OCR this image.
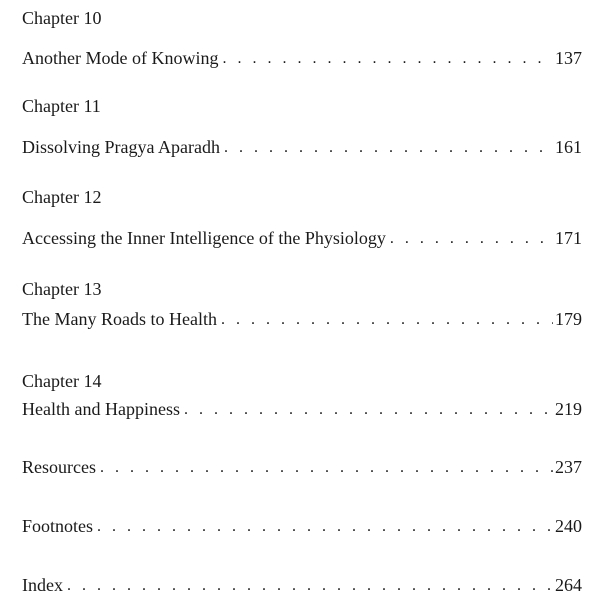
Chapter 10
Another Mode of Knowing . . .	137
Chapter 11
Dissolving Pragya Aparadh . . .	161
Chapter 12
Accessing the Inner Intelligence of the Physiology . . .	171
Chapter 13
The Many Roads to Health . . .	179
Chapter 14
Health and Happiness . . .	219
Resources . . .	237
Footnotes . . .	240
Index . . .	264
